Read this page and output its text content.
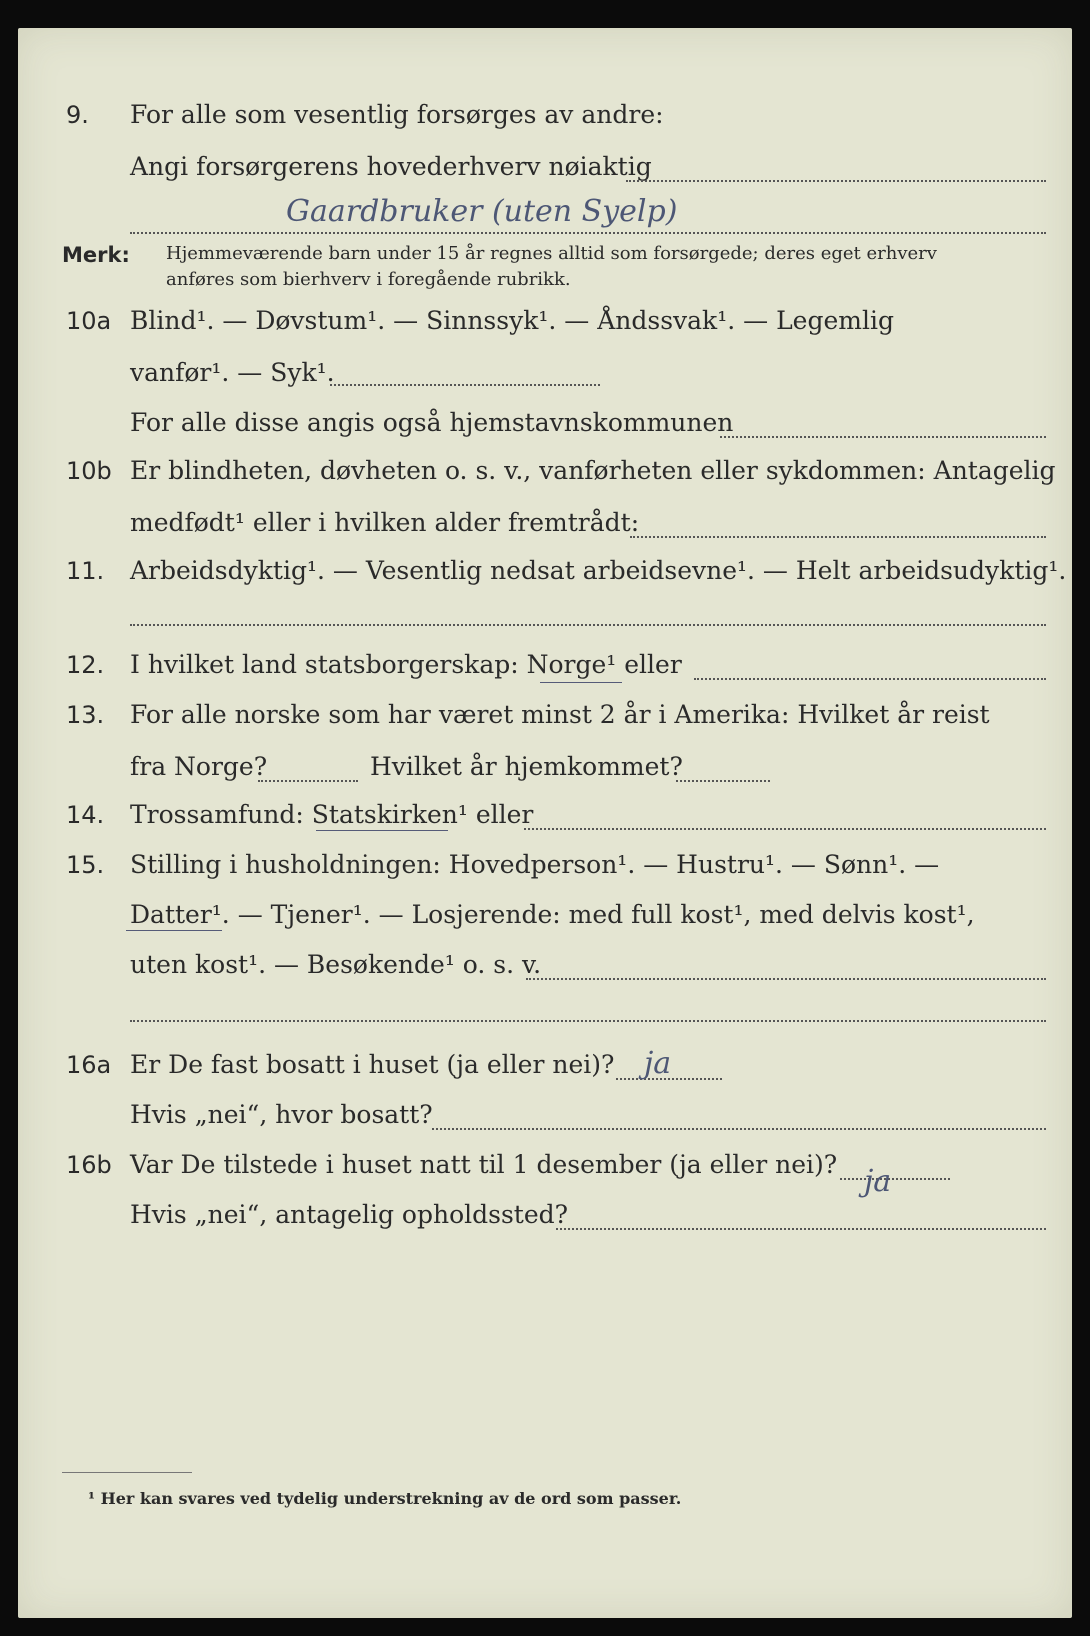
9. For alle som vesentlig forsørges av andre:
Angi forsørgerens hovederhverv nøiaktig
Gaardbruker (uten Syelp)
Merk: Hjemmeværende barn under 15 år regnes alltid som forsørgede; deres eget erhverv
anføres som bierhverv i foregående rubrikk.
10a Blind¹. — Døvstum¹. — Sinnssyk¹. — Åndssvak¹. — Legemlig
vanfør¹. — Syk¹.
For alle disse angis også hjemstavnskommunen
10b Er blindheten, døvheten o. s. v., vanførheten eller sykdommen: Antagelig
medfødt¹ eller i hvilken alder fremtrådt:
11. Arbeidsdyktig¹. — Vesentlig nedsat arbeidsevne¹. — Helt arbeidsudyktig¹.
12. I hvilket land statsborgerskap: Norge¹ eller
13. For alle norske som har været minst 2 år i Amerika: Hvilket år reist
fra Norge?	Hvilket år hjemkommet?
14. Trossamfund: Statskirken¹ eller
15. Stilling i husholdningen: Hovedperson¹. — Hustru¹. — Sønn¹. —
Datter¹. — Tjener¹. — Losjerende: med full kost¹, med delvis kost¹,
uten kost¹. — Besøkende¹ o. s. v.
16a Er De fast bosatt i huset (ja eller nei)? ja
Hvis „nei“, hvor bosatt?
16b Var De tilstede i huset natt til 1 desember (ja eller nei)? ja
Hvis „nei“, antagelig opholdssted?
¹ Her kan svares ved tydelig understrekning av de ord som passer.
